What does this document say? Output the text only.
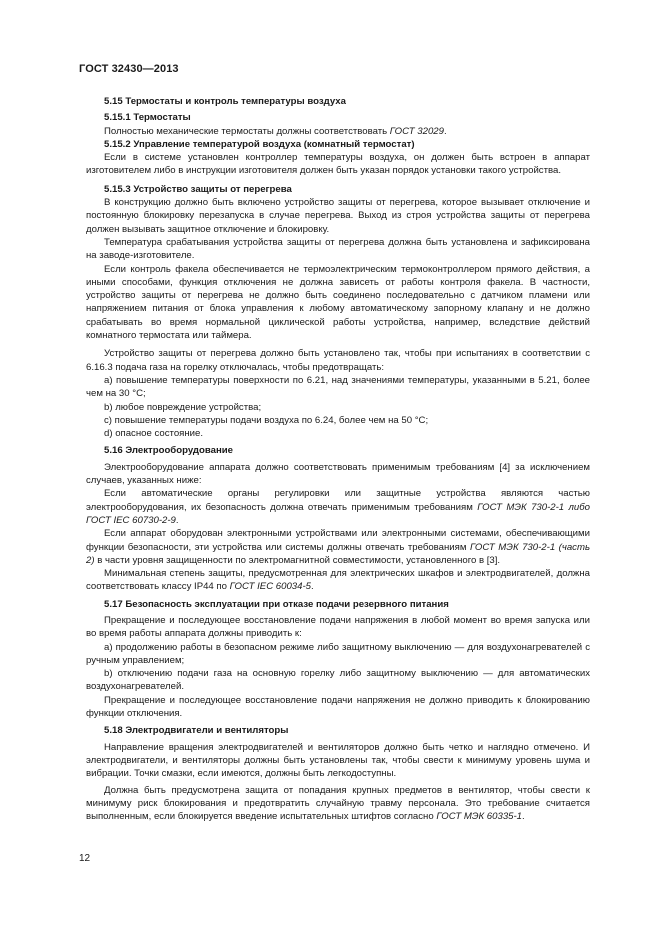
ГОСТ 32430—2013

5.15 Термостаты и контроль температуры воздуха

5.15.1 Термостаты

Полностью механические термостаты должны соответствовать ГОСТ 32029.

5.15.2 Управление температурой воздуха (комнатный термостат)

Если в системе установлен контроллер температуры воздуха, он должен быть встроен в аппарат изготовителем либо в инструкции изготовителя должен быть указан порядок установки такого устройства.

5.15.3 Устройство защиты от перегрева

В конструкцию должно быть включено устройство защиты от перегрева, которое вызывает отключение и постоянную блокировку перезапуска в случае перегрева. Выход из строя устройства защиты от перегрева должен вызывать защитное отключение и блокировку.

Температура срабатывания устройства защиты от перегрева должна быть установлена и зафиксирована на заводе-изготовителе.

Если контроль факела обеспечивается не термоэлектрическим термоконтроллером прямого действия, а иными способами, функция отключения не должна зависеть от работы контроля факела. В частности, устройство защиты от перегрева не должно быть соединено последовательно с датчиком пламени или напряжением питания от блока управления к любому автоматическому запорному клапану и не должно срабатывать во время нормальной циклической работы устройства, например, вследствие действий комнатного термостата или таймера.

Устройство защиты от перегрева должно быть установлено так, чтобы при испытаниях в соответствии с 6.16.3 подача газа на горелку отключалась, чтобы предотвращать:

а) повышение температуры поверхности по 6.21, над значениями температуры, указанными в 5.21, более чем на 30 °C;

b) любое повреждение устройства;

c) повышение температуры подачи воздуха по 6.24, более чем на 50 °C;

d) опасное состояние.

5.16 Электрооборудование

Электрооборудование аппарата должно соответствовать применимым требованиям [4] за исключением случаев, указанных ниже:

Если автоматические органы регулировки или защитные устройства являются частью электрооборудования, их безопасность должна отвечать применимым требованиям ГОСТ МЭК 730-2-1 либо ГОСТ IEC 60730-2-9.

Если аппарат оборудован электронными устройствами или электронными системами, обеспечивающими функции безопасности, эти устройства или системы должны отвечать требованиям ГОСТ МЭК 730-2-1 (часть 2) в части уровня защищенности по электромагнитной совместимости, установленного в [3].

Минимальная степень защиты, предусмотренная для электрических шкафов и электродвигателей, должна соответствовать классу IP44 по ГОСТ IEC 60034-5.

5.17 Безопасность эксплуатации при отказе подачи резервного питания

Прекращение и последующее восстановление подачи напряжения в любой момент во время запуска или во время работы аппарата должны приводить к:

а) продолжению работы в безопасном режиме либо защитному выключению — для воздухонагревателей с ручным управлением;

b) отключению подачи газа на основную горелку либо защитному выключению — для автоматических воздухонагревателей.

Прекращение и последующее восстановление подачи напряжения не должно приводить к блокированию функции отключения.

5.18 Электродвигатели и вентиляторы

Направление вращения электродвигателей и вентиляторов должно быть четко и наглядно отмечено. И электродвигатели, и вентиляторы должны быть установлены так, чтобы свести к минимуму уровень шума и вибрации. Точки смазки, если имеются, должны быть легкодоступны.

Должна быть предусмотрена защита от попадания крупных предметов в вентилятор, чтобы свести к минимуму риск блокирования и предотвратить случайную травму персонала. Это требование считается выполненным, если блокируется введение испытательных штифтов согласно ГОСТ МЭК 60335-1.

12
